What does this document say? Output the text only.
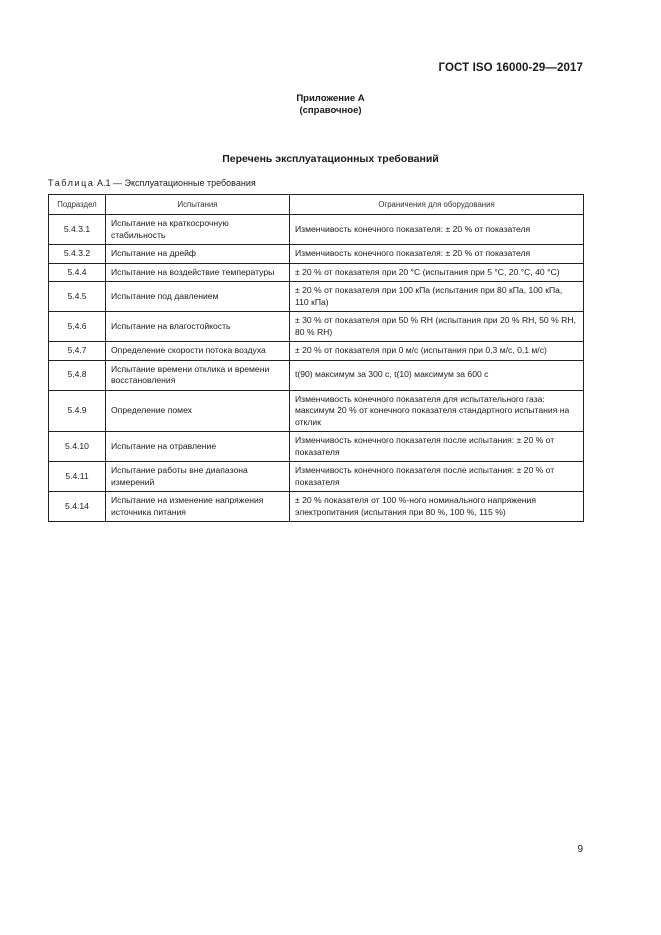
ГОСТ ISO 16000-29—2017
Приложение А
(справочное)
Перечень эксплуатационных требований
Таблица А.1 — Эксплуатационные требования
Подраздел	Испытания	Ограничения для оборудования
5.4.3.1	Испытание на краткосрочную стабильность	Изменчивость конечного показателя: ± 20 % от показателя
5.4.3.2	Испытание на дрейф	Изменчивость конечного показателя: ± 20 % от показателя
5.4.4	Испытание на воздействие температуры	± 20 % от показателя при 20 °С (испытания при 5 °С, 20 °С, 40 °С)
5.4.5	Испытание под давлением	± 20 % от показателя при 100 кПа (испытания при 80 кПа, 100 кПа, 110 кПа)
5.4.6	Испытание на влагостойкость	± 30 % от показателя при 50 % RH (испытания при 20 % RH, 50 % RH, 80 % RH)
5.4.7	Определение скорости потока воздуха	± 20 % от показателя при 0 м/с (испытания при 0,3 м/с, 0,1 м/с)
5.4.8	Испытание времени отклика и времени восстановления	t(90) максимум за 300 с, t(10) максимум за 600 с
5.4.9	Определение помех	Изменчивость конечного показателя для испытательного газа: максимум 20 % от конечного показателя стандартного испытания на отклик
5.4.10	Испытание на отравление	Изменчивость конечного показателя после испытания: ± 20 % от показателя
5.4.11	Испытание работы вне диапазона измерений	Изменчивость конечного показателя после испытания: ± 20 % от показателя
5.4.14	Испытание на изменение напряжения источника питания	± 20 % показателя от 100 %-ного номинального напряжения электропитания (испытания при 80 %, 100 %, 115 %)
9
